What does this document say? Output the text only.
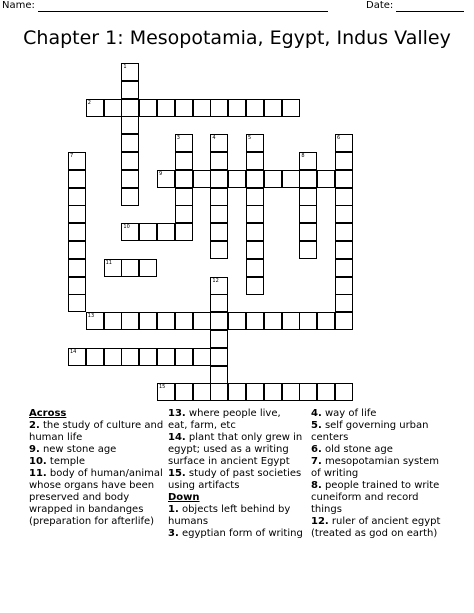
Name:	Date:
Chapter 1: Mesopotamia, Egypt, Indus Valley
1
2
3	4	5	6
7	8
9
10
11
12
13
14
15
Across
2. the study of culture and human life
9. new stone age
10. temple
11. body of human/animal whose organs have been preserved and body wrapped in bandanges (preparation for afterlife)
13. where people live, eat, farm, etc
14. plant that only grew in egypt; used as a writing surface in ancient Egypt
15. study of past societies using artifacts
Down
1. objects left behind by humans
3. egyptian form of writing
4. way of life
5. self governing urban centers
6. old stone age
7. mesopotamian system of writing
8. people trained to write cuneiform and record things
12. ruler of ancient egypt (treated as god on earth)
